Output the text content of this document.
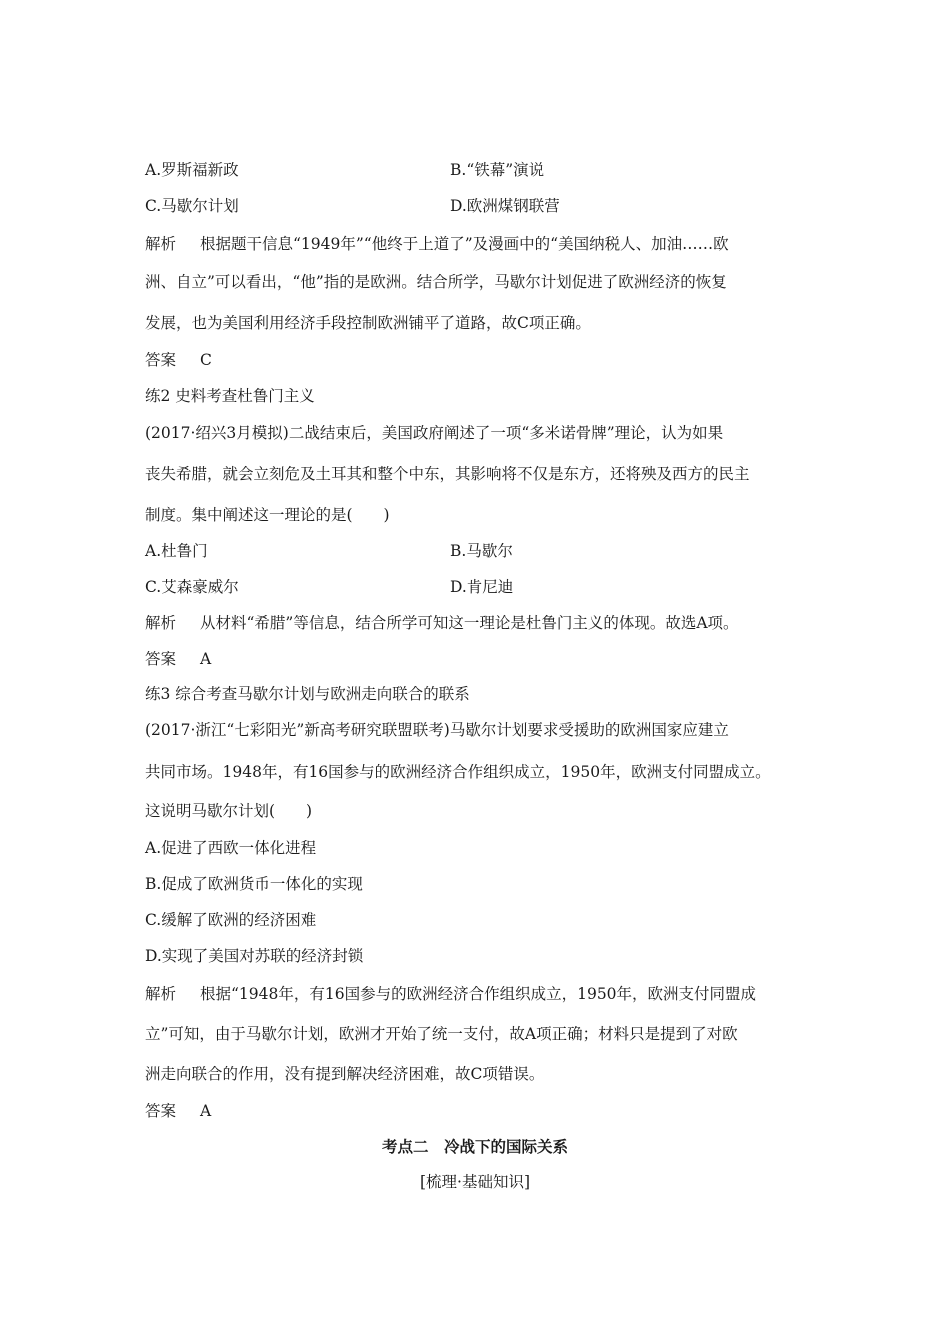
A.罗斯福新政	B.“铁幕”演说
C.马歇尔计划	D.欧洲煤钢联营
解析 根据题干信息“1949年”“他终于上道了”及漫画中的“美国纳税人、加油……欧
洲、自立”可以看出，“他”指的是欧洲。结合所学，马歇尔计划促进了欧洲经济的恢复
发展，也为美国利用经济手段控制欧洲铺平了道路，故C项正确。
答案 C
练2 史料考查杜鲁门主义
(2017·绍兴3月模拟)二战结束后，美国政府阐述了一项“多米诺骨牌”理论，认为如果
丧失希腊，就会立刻危及土耳其和整个中东，其影响将不仅是东方，还将殃及西方的民主
制度。集中阐述这一理论的是(　　)
A.杜鲁门	B.马歇尔
C.艾森豪威尔	D.肯尼迪
解析 从材料“希腊”等信息，结合所学可知这一理论是杜鲁门主义的体现。故选A项。
答案 A
练3 综合考查马歇尔计划与欧洲走向联合的联系
(2017·浙江“七彩阳光”新高考研究联盟联考)马歇尔计划要求受援助的欧洲国家应建立
共同市场。1948年，有16国参与的欧洲经济合作组织成立，1950年，欧洲支付同盟成立。
这说明马歇尔计划(　　)
A.促进了西欧一体化进程
B.促成了欧洲货币一体化的实现
C.缓解了欧洲的经济困难
D.实现了美国对苏联的经济封锁
解析 根据“1948年，有16国参与的欧洲经济合作组织成立，1950年，欧洲支付同盟成
立”可知，由于马歇尔计划，欧洲才开始了统一支付，故A项正确；材料只是提到了对欧
洲走向联合的作用，没有提到解决经济困难，故C项错误。
答案 A
考点二　冷战下的国际关系
[梳理·基础知识]
